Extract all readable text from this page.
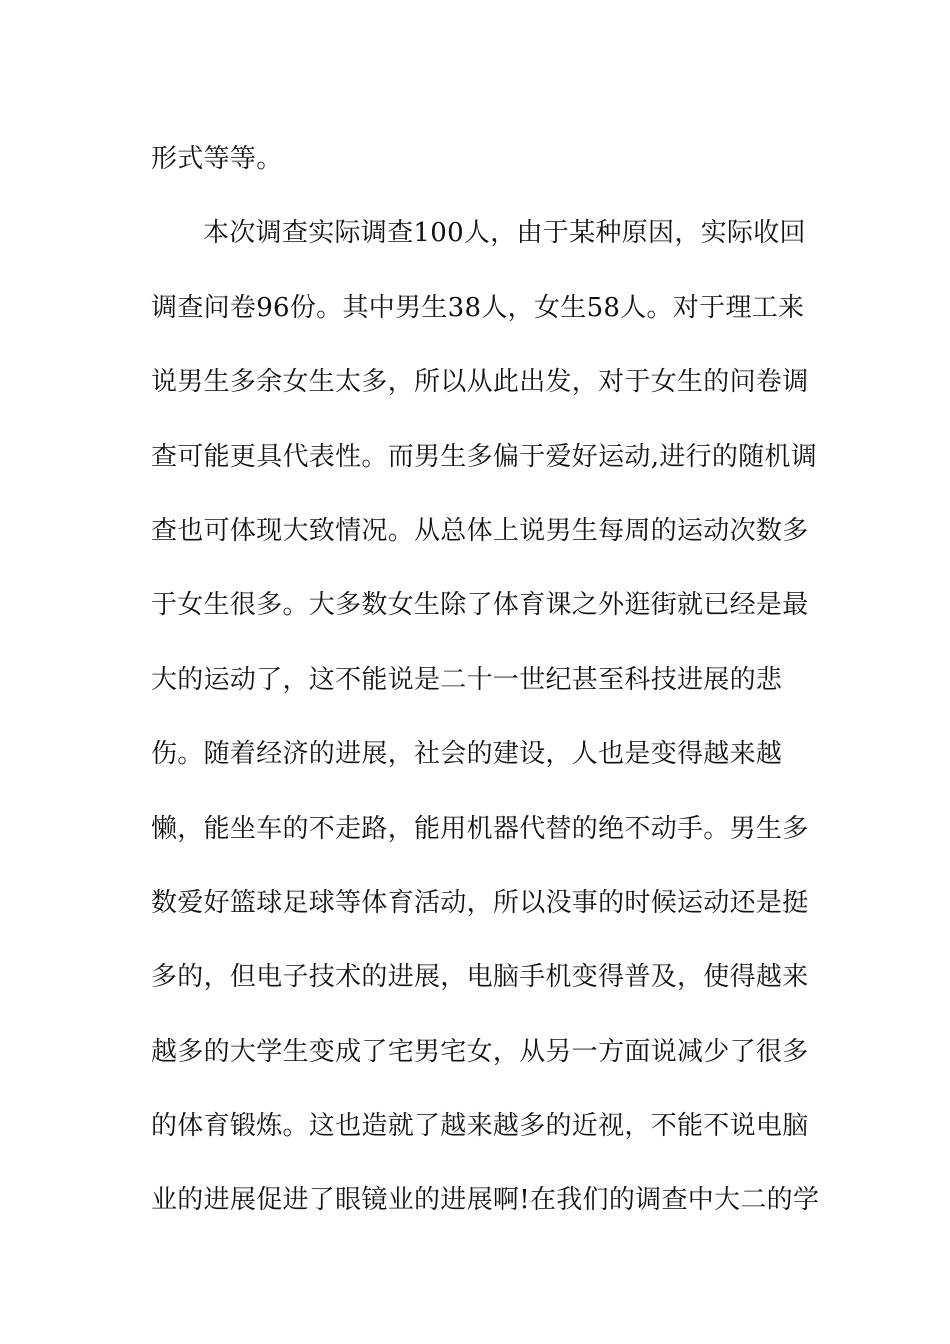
形式等等。
本次调查实际调查100人，由于某种原因，实际收回
调查问卷96份。其中男生38人，女生58人。对于理工来
说男生多余女生太多，所以从此出发，对于女生的问卷调
查可能更具代表性。而男生多偏于爱好运动,进行的随机调
查也可体现大致情况。从总体上说男生每周的运动次数多
于女生很多。大多数女生除了体育课之外逛街就已经是最
大的运动了，这不能说是二十一世纪甚至科技进展的悲
伤。随着经济的进展，社会的建设，人也是变得越来越
懒，能坐车的不走路，能用机器代替的绝不动手。男生多
数爱好篮球足球等体育活动，所以没事的时候运动还是挺
多的，但电子技术的进展，电脑手机变得普及，使得越来
越多的大学生变成了宅男宅女，从另一方面说减少了很多
的体育锻炼。这也造就了越来越多的近视，不能不说电脑
业的进展促进了眼镜业的进展啊!在我们的调查中大二的学
